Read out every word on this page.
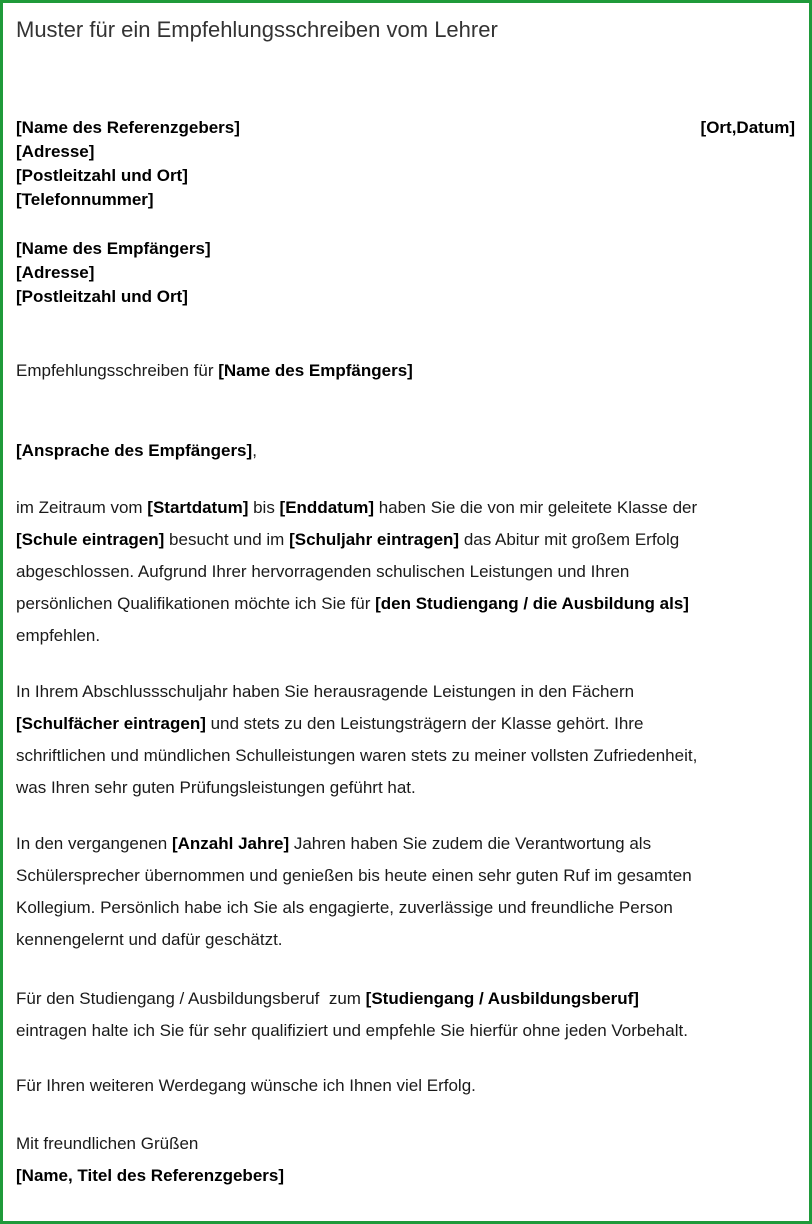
Muster für ein Empfehlungsschreiben vom Lehrer
[Name des Referenzgebers]
[Adresse]
[Postleitzahl und Ort]
[Telefonnummer]
[Ort,Datum]
[Name des Empfängers]
[Adresse]
[Postleitzahl und Ort]
Empfehlungsschreiben für [Name des Empfängers]
[Ansprache des Empfängers],
im Zeitraum vom [Startdatum] bis [Enddatum] haben Sie die von mir geleitete Klasse der
[Schule eintragen] besucht und im [Schuljahr eintragen] das Abitur mit großem Erfolg
abgeschlossen. Aufgrund Ihrer hervorragenden schulischen Leistungen und Ihren
persönlichen Qualifikationen möchte ich Sie für [den Studiengang / die Ausbildung als]
empfehlen.
In Ihrem Abschlussschuljahr haben Sie herausragende Leistungen in den Fächern
[Schulfächer eintragen] und stets zu den Leistungsträgern der Klasse gehört. Ihre
schriftlichen und mündlichen Schulleistungen waren stets zu meiner vollsten Zufriedenheit,
was Ihren sehr guten Prüfungsleistungen geführt hat.
In den vergangenen [Anzahl Jahre] Jahren haben Sie zudem die Verantwortung als
Schülersprecher übernommen und genießen bis heute einen sehr guten Ruf im gesamten
Kollegium. Persönlich habe ich Sie als engagierte, zuverlässige und freundliche Person
kennengelernt und dafür geschätzt.
Für den Studiengang / Ausbildungsberuf  zum [Studiengang / Ausbildungsberuf]
eintragen halte ich Sie für sehr qualifiziert und empfehle Sie hierfür ohne jeden Vorbehalt.
Für Ihren weiteren Werdegang wünsche ich Ihnen viel Erfolg.
Mit freundlichen Grüßen
[Name, Titel des Referenzgebers]
